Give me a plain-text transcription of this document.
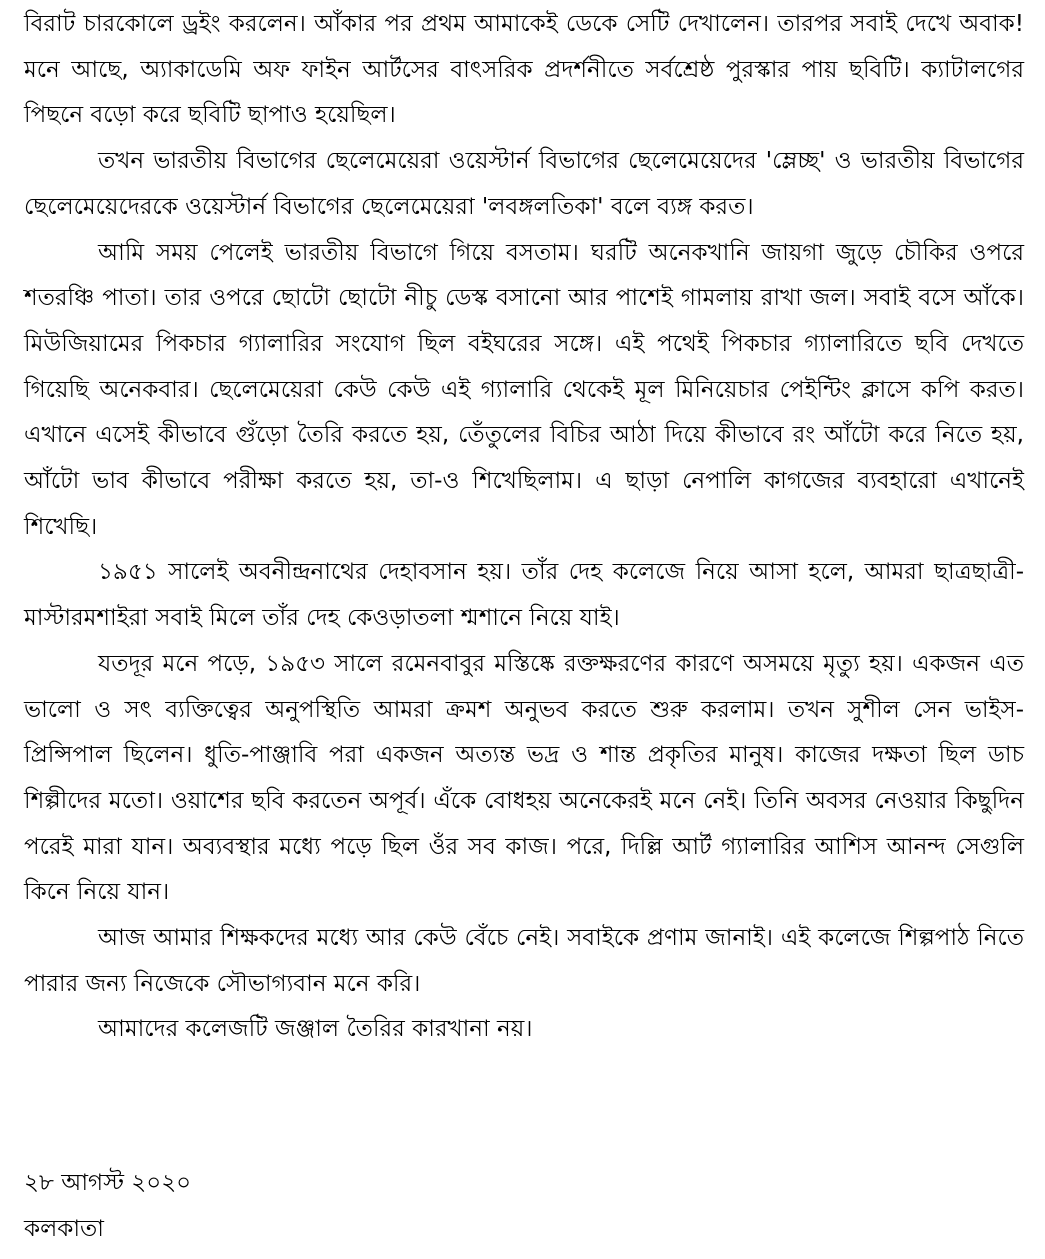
বিরাট চারকোলে ড্রইং করলেন। আঁকার পর প্রথম আমাকেই ডেকে সেটি দেখালেন। তারপর সবাই দেখে অবাক! মনে আছে, অ্যাকাডেমি অফ ফাইন আর্টসের বাৎসরিক প্রদর্শনীতে সর্বশ্রেষ্ঠ পুরস্কার পায় ছবিটি। ক্যাটালগের পিছনে বড়ো করে ছবিটি ছাপাও হয়েছিল।

তখন ভারতীয় বিভাগের ছেলেমেয়েরা ওয়েস্টার্ন বিভাগের ছেলেমেয়েদের 'ম্লেচ্ছ' ও ভারতীয় বিভাগের ছেলেমেয়েদেরকে ওয়েস্টার্ন বিভাগের ছেলেমেয়েরা 'লবঙ্গলতিকা' বলে ব্যঙ্গ করত।

আমি সময় পেলেই ভারতীয় বিভাগে গিয়ে বসতাম। ঘরটি অনেকখানি জায়গা জুড়ে চৌকির ওপরে শতরঞ্চি পাতা। তার ওপরে ছোটো ছোটো নীচু ডেস্ক বসানো আর পাশেই গামলায় রাখা জল। সবাই বসে আঁকে। মিউজিয়ামের পিকচার গ্যালারির সংযোগ ছিল বইঘরের সঙ্গে। এই পথেই পিকচার গ্যালারিতে ছবি দেখতে গিয়েছি অনেকবার। ছেলেমেয়েরা কেউ কেউ এই গ্যালারি থেকেই মূল মিনিয়েচার পেইন্টিং ক্লাসে কপি করত। এখানে এসেই কীভাবে গুঁড়ো তৈরি করতে হয়, তেঁতুলের বিচির আঠা দিয়ে কীভাবে রং আঁটো করে নিতে হয়, আঁটো ভাব কীভাবে পরীক্ষা করতে হয়, তা-ও শিখেছিলাম। এ ছাড়া নেপালি কাগজের ব্যবহারো এখানেই শিখেছি।

১৯৫১ সালেই অবনীন্দ্রনাথের দেহাবসান হয়। তাঁর দেহ কলেজে নিয়ে আসা হলে, আমরা ছাত্রছাত্রী-মাস্টারমশাইরা সবাই মিলে তাঁর দেহ কেওড়াতলা শ্মশানে নিয়ে যাই।

যতদূর মনে পড়ে, ১৯৫৩ সালে রমেনবাবুর মস্তিষ্কে রক্তক্ষরণের কারণে অসময়ে মৃত্যু হয়। একজন এত ভালো ও সৎ ব্যক্তিত্বের অনুপস্থিতি আমরা ক্রমশ অনুভব করতে শুরু করলাম। তখন সুশীল সেন ভাইস-প্রিন্সিপাল ছিলেন। ধুতি-পাঞ্জাবি পরা একজন অত্যন্ত ভদ্র ও শান্ত প্রকৃতির মানুষ। কাজের দক্ষতা ছিল ডাচ শিল্পীদের মতো। ওয়াশের ছবি করতেন অপূর্ব। এঁকে বোধহয় অনেকেরই মনে নেই। তিনি অবসর নেওয়ার কিছুদিন পরেই মারা যান। অব্যবস্থার মধ্যে পড়ে ছিল ওঁর সব কাজ। পরে, দিল্লি আর্ট গ্যালারির আশিস আনন্দ সেগুলি কিনে নিয়ে যান।

আজ আমার শিক্ষকদের মধ্যে আর কেউ বেঁচে নেই। সবাইকে প্রণাম জানাই। এই কলেজে শিল্পপাঠ নিতে পারার জন্য নিজেকে সৌভাগ্যবান মনে করি।

আমাদের কলেজটি জঞ্জাল তৈরির কারখানা নয়।

২৮ আগস্ট ২০২০

কলকাতা
